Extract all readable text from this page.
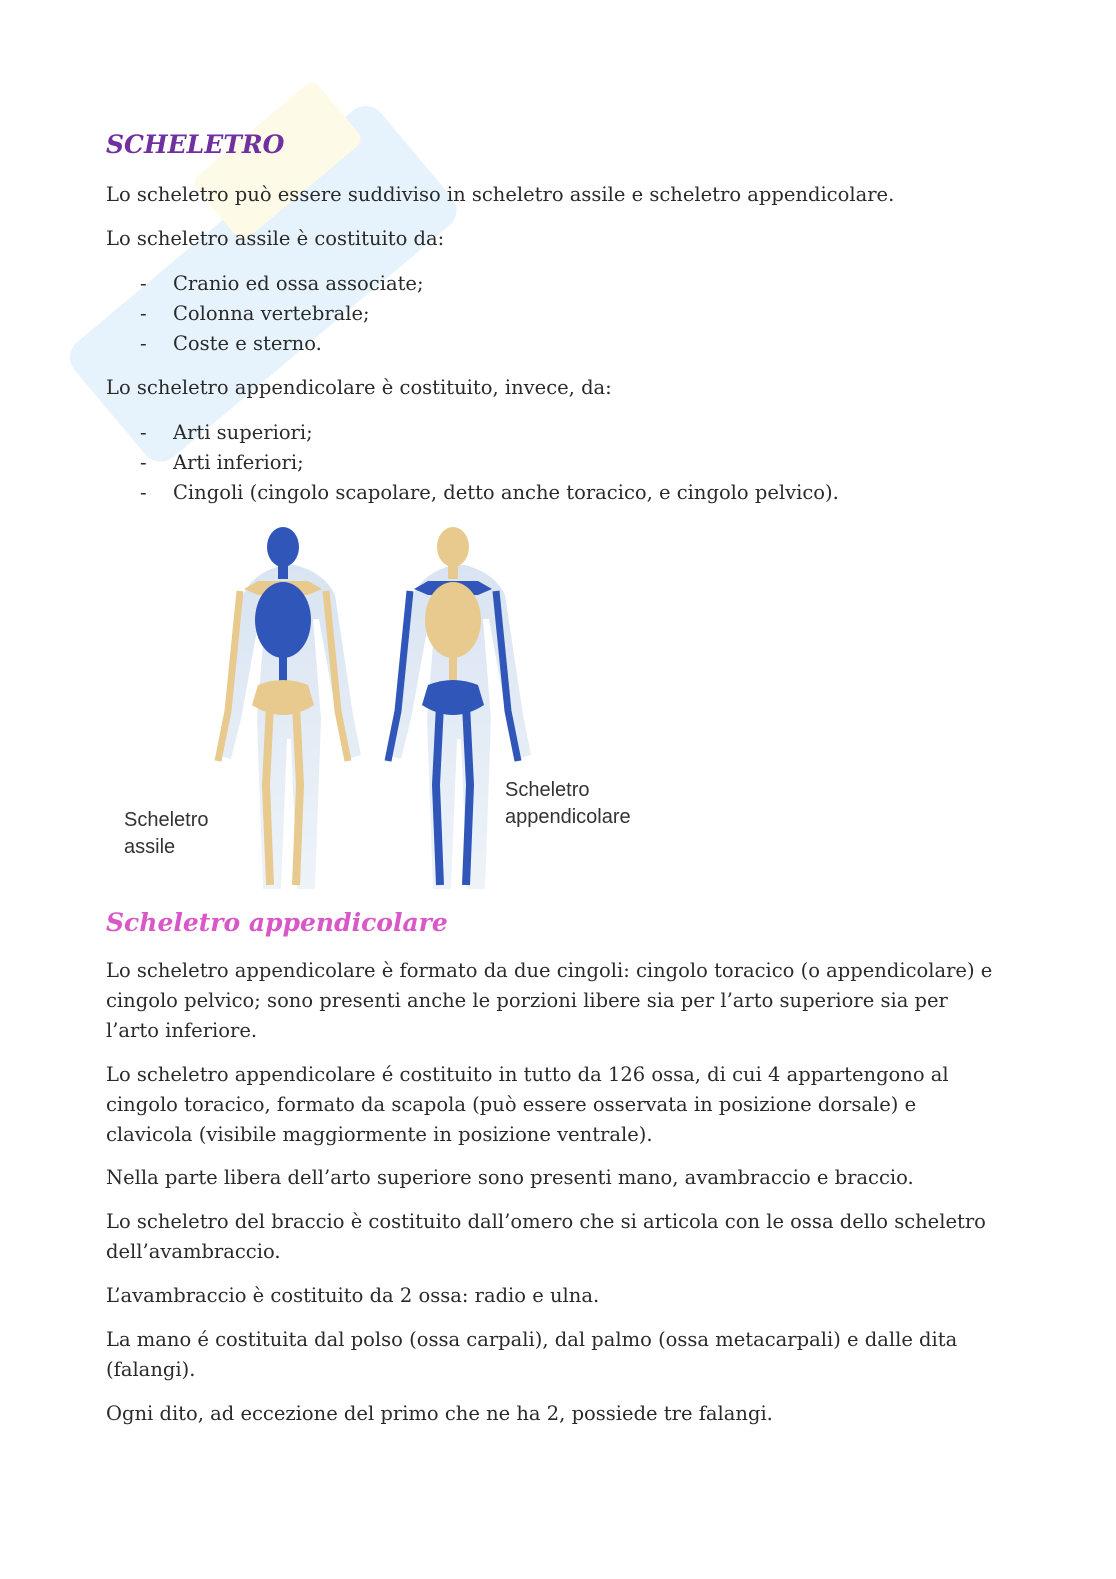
SCHELETRO

Lo scheletro può essere suddiviso in scheletro assile e scheletro appendicolare.

Lo scheletro assile è costituito da:

- Cranio ed ossa associate;
- Colonna vertebrale;
- Coste e sterno.

Lo scheletro appendicolare è costituito, invece, da:

- Arti superiori;
- Arti inferiori;
- Cingoli (cingolo scapolare, detto anche toracico, e cingolo pelvico).
Scheletro appendicolare

Lo scheletro appendicolare è formato da due cingoli: cingolo toracico (o appendicolare) e cingolo pelvico; sono presenti anche le porzioni libere sia per l’arto superiore sia per l’arto inferiore.

Lo scheletro appendicolare é costituito in tutto da 126 ossa, di cui 4 appartengono al cingolo toracico, formato da scapola (può essere osservata in posizione dorsale) e clavicola (visibile maggiormente in posizione ventrale).

Nella parte libera dell’arto superiore sono presenti mano, avambraccio e braccio.

Lo scheletro del braccio è costituito dall’omero che si articola con le ossa dello scheletro dell’avambraccio.

L’avambraccio è costituito da 2 ossa: radio e ulna.

La mano é costituita dal polso (ossa carpali), dal palmo (ossa metacarpali) e dalle dita (falangi).

Ogni dito, ad eccezione del primo che ne ha 2, possiede tre falangi.

Scheletro
assile
Scheletro
appendicolare
